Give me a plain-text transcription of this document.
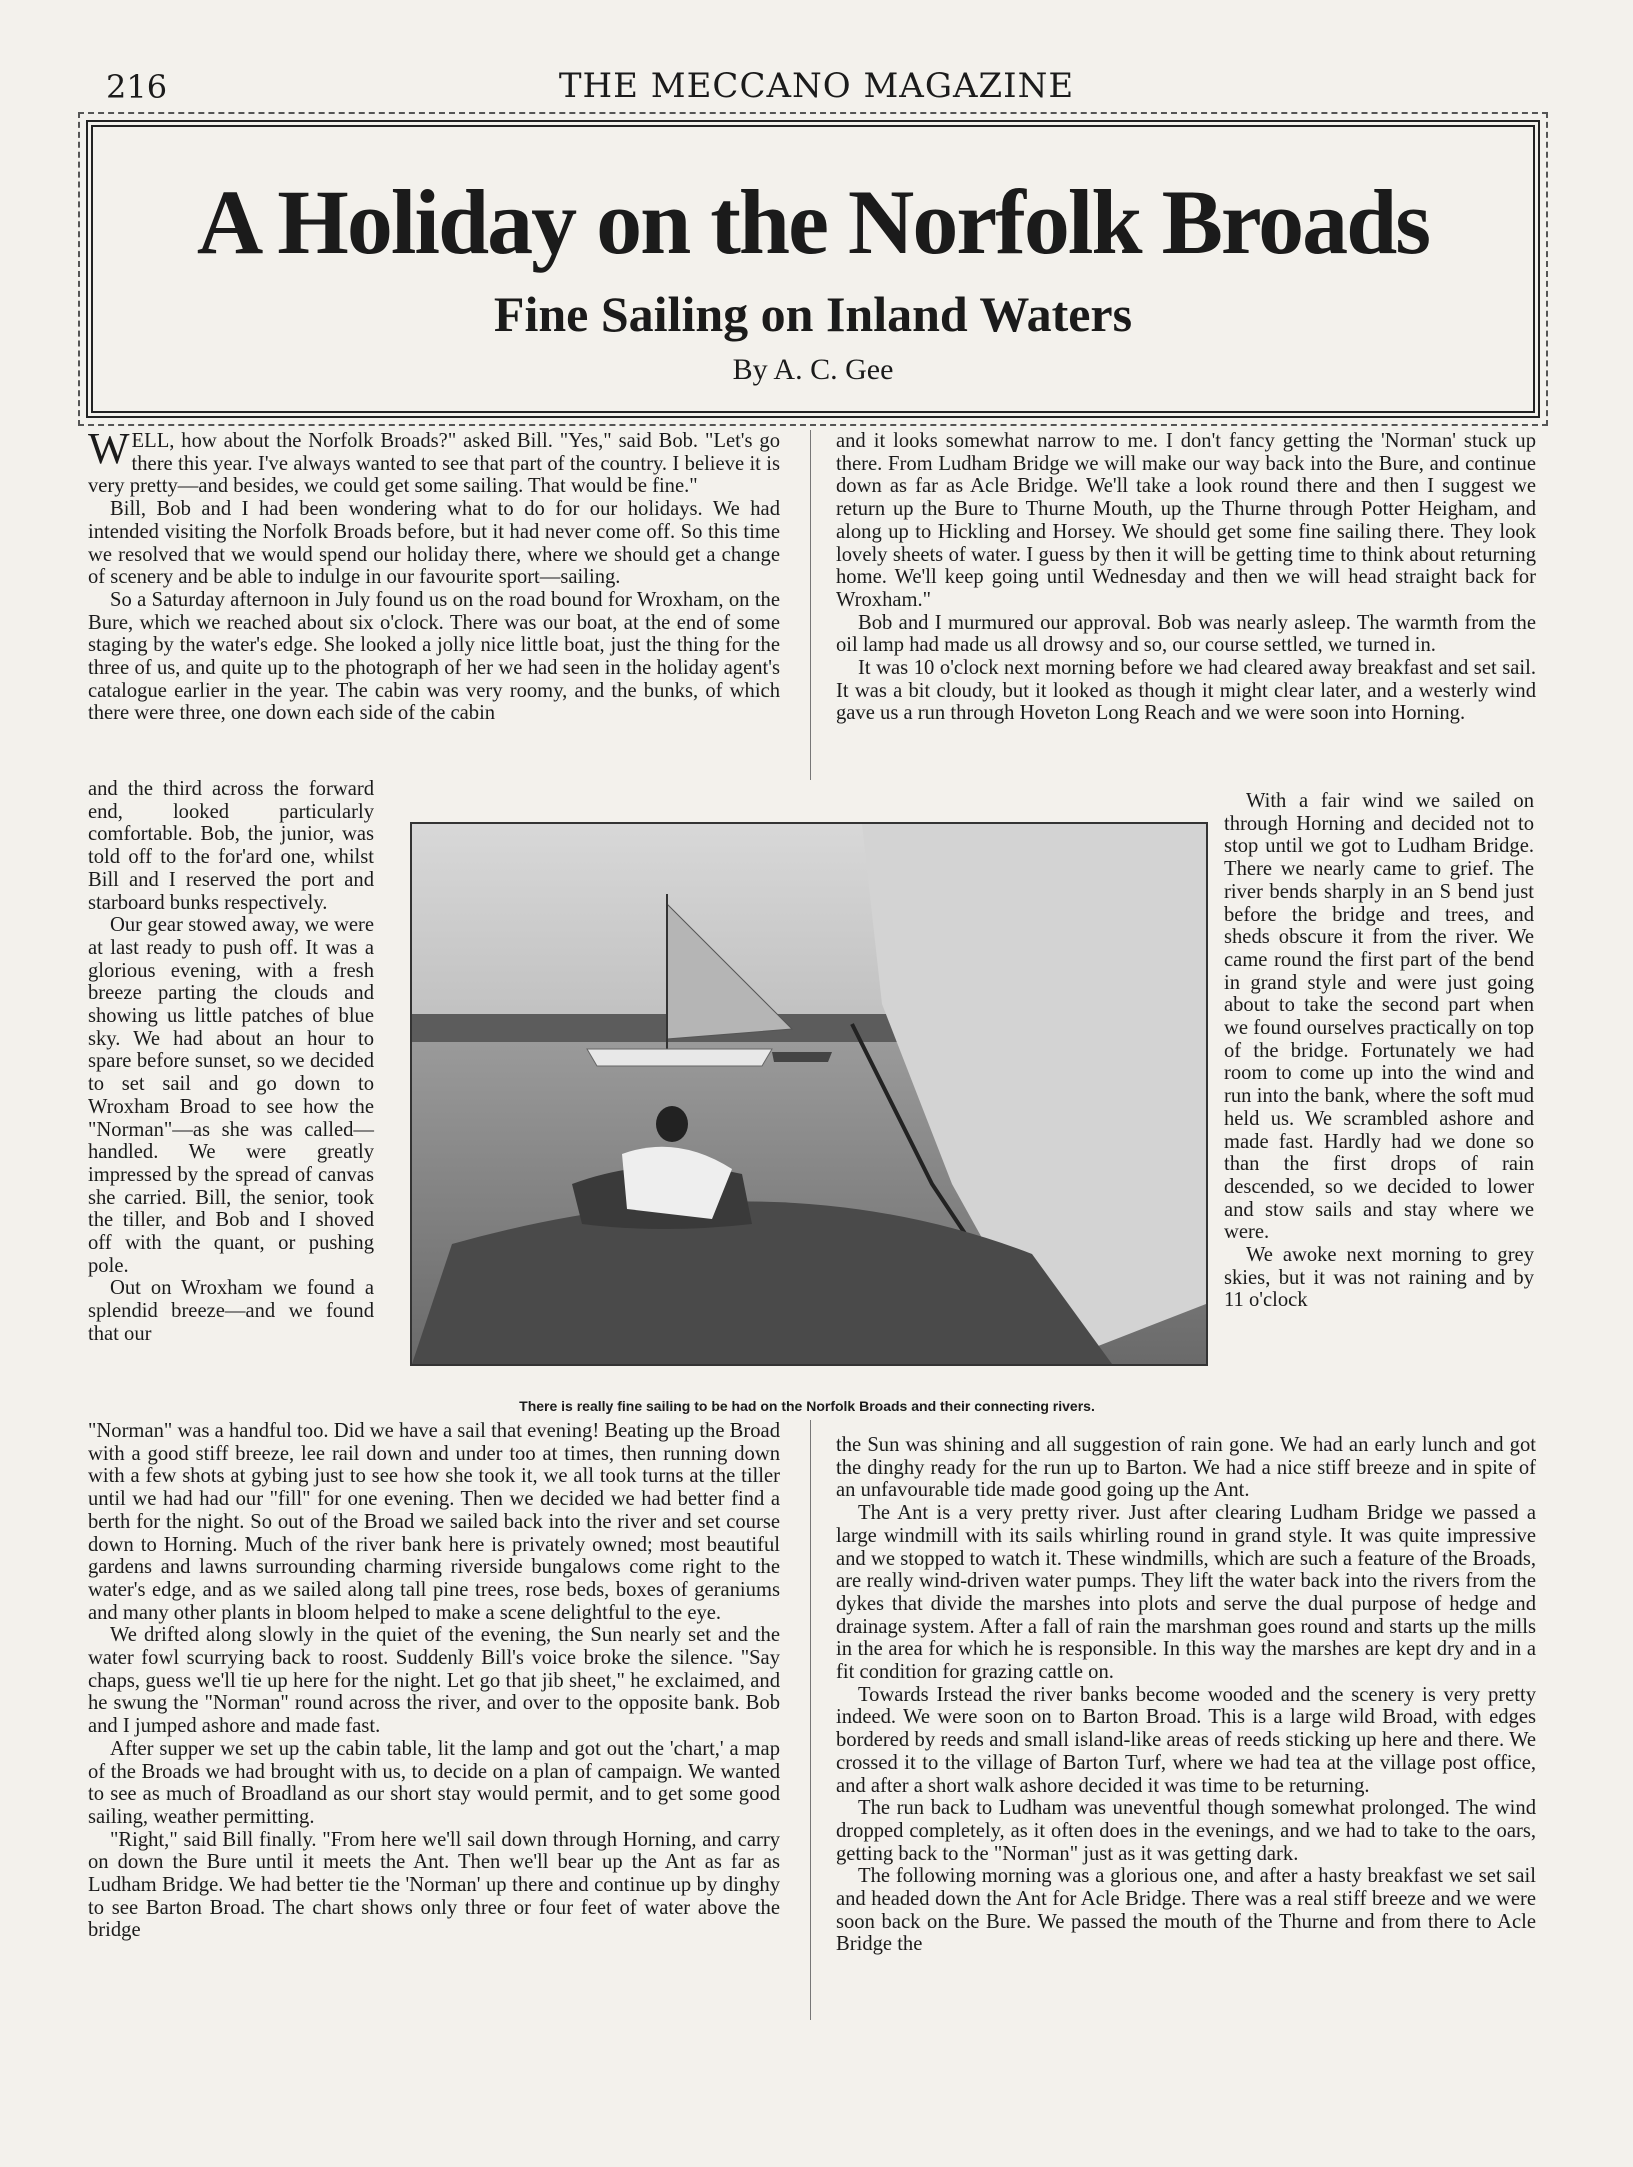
216	THE MECCANO MAGAZINE
A Holiday on the Norfolk Broads
Fine Sailing on Inland Waters
By A. C. Gee

WELL, how about the Norfolk Broads?" asked Bill. "Yes," said Bob. "Let's go there this year. I've always wanted to see that part of the country. I believe it is very pretty—and besides, we could get some sailing. That would be fine."

Bill, Bob and I had been wondering what to do for our holidays. We had intended visiting the Norfolk Broads before, but it had never come off. So this time we resolved that we would spend our holiday there, where we should get a change of scenery and be able to indulge in our favourite sport—sailing.

So a Saturday afternoon in July found us on the road bound for Wroxham, on the Bure, which we reached about six o'clock. There was our boat, at the end of some staging by the water's edge. She looked a jolly nice little boat, just the thing for the three of us, and quite up to the photograph of her we had seen in the holiday agent's catalogue earlier in the year. The cabin was very roomy, and the bunks, of which there were three, one down each side of the cabin

and it looks somewhat narrow to me. I don't fancy getting the 'Norman' stuck up there. From Ludham Bridge we will make our way back into the Bure, and continue down as far as Acle Bridge. We'll take a look round there and then I suggest we return up the Bure to Thurne Mouth, up the Thurne through Potter Heigham, and along up to Hickling and Horsey. We should get some fine sailing there. They look lovely sheets of water. I guess by then it will be getting time to think about returning home. We'll keep going until Wednesday and then we will head straight back for Wroxham."

Bob and I murmured our approval. Bob was nearly asleep. The warmth from the oil lamp had made us all drowsy and so, our course settled, we turned in.

It was 10 o'clock next morning before we had cleared away breakfast and set sail. It was a bit cloudy, but it looked as though it might clear later, and a westerly wind gave us a run through Hoveton Long Reach and we were soon into Horning.

and the third across the forward end, looked particularly comfortable. Bob, the junior, was told off to the for'ard one, whilst Bill and I reserved the port and starboard bunks respectively.

Our gear stowed away, we were at last ready to push off. It was a glorious evening, with a fresh breeze parting the clouds and showing us little patches of blue sky. We had about an hour to spare before sunset, so we decided to set sail and go down to Wroxham Broad to see how the "Norman"—as she was called—handled. We were greatly impressed by the spread of canvas she carried. Bill, the senior, took the tiller, and Bob and I shoved off with the quant, or pushing pole.

Out on Wroxham we found a splendid breeze—and we found that our

There is really fine sailing to be had on the Norfolk Broads and their connecting rivers.

With a fair wind we sailed on through Horning and decided not to stop until we got to Ludham Bridge. There we nearly came to grief. The river bends sharply in an S bend just before the bridge and trees, and sheds obscure it from the river. We came round the first part of the bend in grand style and were just going about to take the second part when we found ourselves practically on top of the bridge. Fortunately we had room to come up into the wind and run into the bank, where the soft mud held us. We scrambled ashore and made fast. Hardly had we done so than the first drops of rain descended, so we decided to lower and stow sails and stay where we were.

We awoke next morning to grey skies, but it was not raining and by 11 o'clock

"Norman" was a handful too. Did we have a sail that evening! Beating up the Broad with a good stiff breeze, lee rail down and under too at times, then running down with a few shots at gybing just to see how she took it, we all took turns at the tiller until we had had our "fill" for one evening. Then we decided we had better find a berth for the night. So out of the Broad we sailed back into the river and set course down to Horning. Much of the river bank here is privately owned; most beautiful gardens and lawns surrounding charming riverside bungalows come right to the water's edge, and as we sailed along tall pine trees, rose beds, boxes of geraniums and many other plants in bloom helped to make a scene delightful to the eye.

We drifted along slowly in the quiet of the evening, the Sun nearly set and the water fowl scurrying back to roost. Suddenly Bill's voice broke the silence. "Say chaps, guess we'll tie up here for the night. Let go that jib sheet," he exclaimed, and he swung the "Norman" round across the river, and over to the opposite bank. Bob and I jumped ashore and made fast.

After supper we set up the cabin table, lit the lamp and got out the 'chart,' a map of the Broads we had brought with us, to decide on a plan of campaign. We wanted to see as much of Broadland as our short stay would permit, and to get some good sailing, weather permitting.

"Right," said Bill finally. "From here we'll sail down through Horning, and carry on down the Bure until it meets the Ant. Then we'll bear up the Ant as far as Ludham Bridge. We had better tie the 'Norman' up there and continue up by dinghy to see Barton Broad. The chart shows only three or four feet of water above the bridge

the Sun was shining and all suggestion of rain gone. We had an early lunch and got the dinghy ready for the run up to Barton. We had a nice stiff breeze and in spite of an unfavourable tide made good going up the Ant.

The Ant is a very pretty river. Just after clearing Ludham Bridge we passed a large windmill with its sails whirling round in grand style. It was quite impressive and we stopped to watch it. These windmills, which are such a feature of the Broads, are really wind-driven water pumps. They lift the water back into the rivers from the dykes that divide the marshes into plots and serve the dual purpose of hedge and drainage system. After a fall of rain the marshman goes round and starts up the mills in the area for which he is responsible. In this way the marshes are kept dry and in a fit condition for grazing cattle on.

Towards Irstead the river banks become wooded and the scenery is very pretty indeed. We were soon on to Barton Broad. This is a large wild Broad, with edges bordered by reeds and small island-like areas of reeds sticking up here and there. We crossed it to the village of Barton Turf, where we had tea at the village post office, and after a short walk ashore decided it was time to be returning.

The run back to Ludham was uneventful though somewhat prolonged. The wind dropped completely, as it often does in the evenings, and we had to take to the oars, getting back to the "Norman" just as it was getting dark.

The following morning was a glorious one, and after a hasty breakfast we set sail and headed down the Ant for Acle Bridge. There was a real stiff breeze and we were soon back on the Bure. We passed the mouth of the Thurne and from there to Acle Bridge the
